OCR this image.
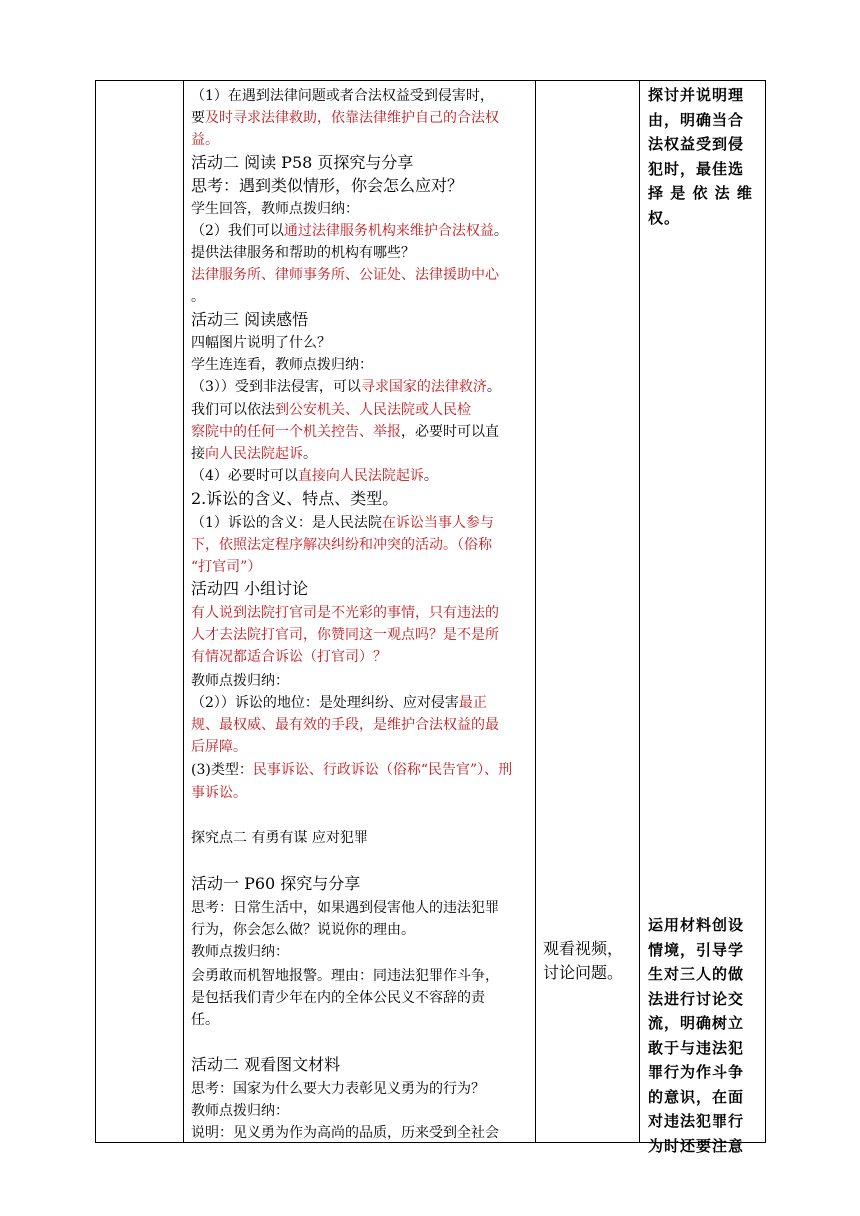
（1）在遇到法律问题或者合法权益受到侵害时，
要及时寻求法律救助，依靠法律维护自己的合法权
益。
活动二 阅读 P58 页探究与分享
思考：遇到类似情形，你会怎么应对？
学生回答，教师点拨归纳：
（2）我们可以通过法律服务机构来维护合法权益。
提供法律服务和帮助的机构有哪些？
法律服务所、律师事务所、公证处、法律援助中心
。
活动三 阅读感悟
四幅图片说明了什么？
学生连连看，教师点拨归纳：
（3））受到非法侵害，可以寻求国家的法律救济。
我们可以依法到公安机关、人民法院或人民检
察院中的任何一个机关控告、举报，必要时可以直
接向人民法院起诉。
（4）必要时可以直接向人民法院起诉。
2.诉讼的含义、特点、类型。
（1）诉讼的含义：是人民法院在诉讼当事人参与
下，依照法定程序解决纠纷和冲突的活动。（俗称
“打官司”）
活动四 小组讨论
有人说到法院打官司是不光彩的事情，只有违法的
人才去法院打官司，你赞同这一观点吗？是不是所
有情况都适合诉讼（打官司）？
教师点拨归纳：
（2））诉讼的地位：是处理纠纷、应对侵害最正
规、最权威、最有效的手段，是维护合法权益的最
后屏障。
(3)类型：民事诉讼、行政诉讼（俗称“民告官”）、刑
事诉讼。
探究点二 有勇有谋 应对犯罪
活动一 P60 探究与分享
思考：日常生活中，如果遇到侵害他人的违法犯罪
行为，你会怎么做？说说你的理由。
教师点拨归纳：
会勇敢而机智地报警。理由：同违法犯罪作斗争，
是包括我们青少年在内的全体公民义不容辞的责
任。
活动二 观看图文材料
思考：国家为什么要大力表彰见义勇为的行为？
教师点拨归纳：
说明：见义勇为作为高尚的品质，历来受到全社会
观看视频，
讨论问题。
探讨并说明理
由，明确当合
法权益受到侵
犯时，最佳选
择 是 依 法 维
权。
运用材料创设
情境，引导学
生对三人的做
法进行讨论交
流，明确树立
敢于与违法犯
罪行为作斗争
的意识，在面
对违法犯罪行
为时还要注意
